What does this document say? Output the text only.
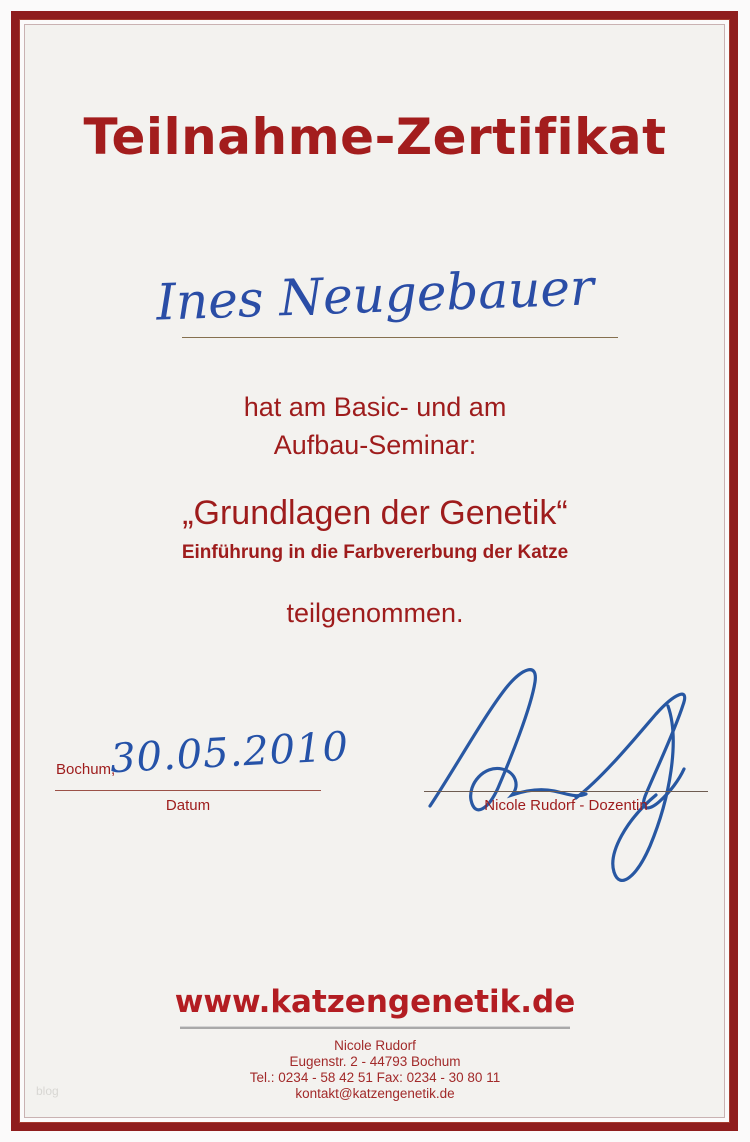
Teilnahme-Zertifikat
Ines Neugebauer
hat am Basic- und am
Aufbau-Seminar:
„Grundlagen der Genetik“
Einführung in die Farbvererbung der Katze
teilgenommen.
Bochum,
30.05.2010
Datum	Nicole Rudorf - Dozentin
www.katzengenetik.de
Nicole Rudorf
Eugenstr. 2 - 44793 Bochum
Tel.: 0234 - 58 42 51 Fax: 0234 - 30 80 11
kontakt@katzengenetik.de
blog
